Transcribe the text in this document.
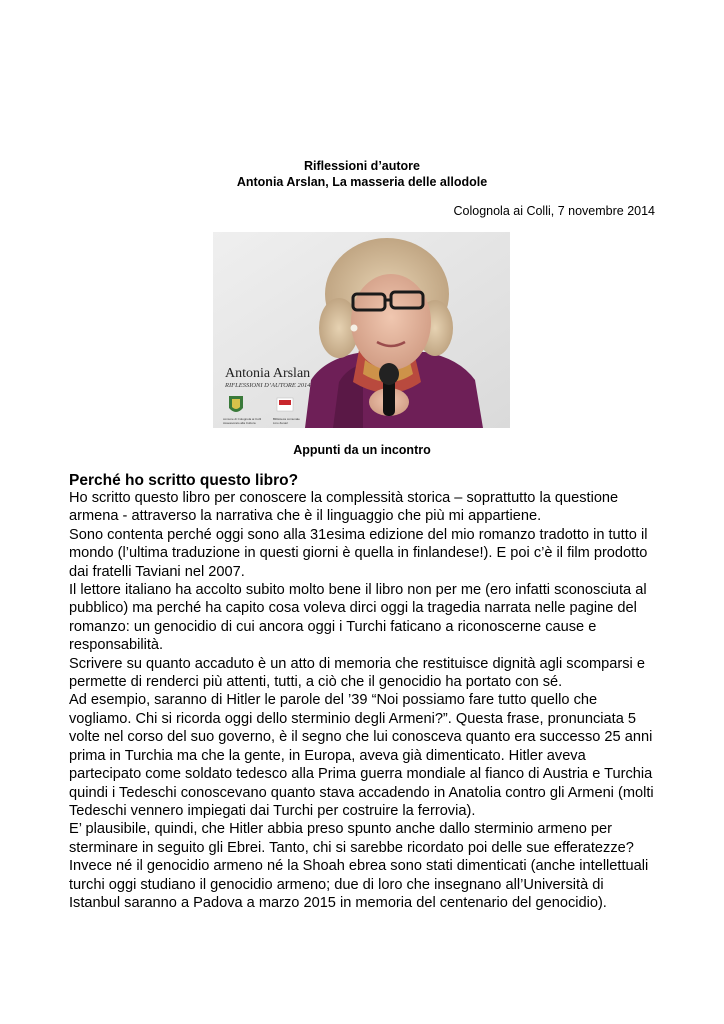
Riflessioni d’autore
Antonia Arslan, La masseria delle allodole
Colognola ai Colli, 7 novembre 2014
Antonia Arslan
RIFLESSIONI D’AUTORE 2014
comune di Colognola ai Colli
Assessorato alla Cultura
Biblioteca comunale
Lino Zenari
Appunti da un incontro
Perché ho scritto questo libro?
Ho scritto questo libro per conoscere la complessità storica – soprattutto la questione
armena - attraverso la narrativa che è il linguaggio che più mi appartiene.
Sono contenta perché oggi sono alla 31esima edizione del mio romanzo tradotto in tutto il
mondo (l’ultima traduzione in questi giorni è quella in finlandese!). E poi c’è il film prodotto
dai fratelli Taviani nel 2007.
Il lettore italiano ha accolto subito molto bene il libro non per me (ero infatti sconosciuta al
pubblico) ma perché ha capito cosa voleva dirci oggi la tragedia narrata nelle pagine del
romanzo: un genocidio di cui ancora oggi i Turchi faticano a riconoscerne cause e
responsabilità.
Scrivere su quanto accaduto è un atto di memoria che restituisce dignità agli scomparsi e
permette di renderci più attenti, tutti, a ciò che il genocidio ha portato con sé.
Ad esempio, saranno di Hitler le parole del ’39 “Noi possiamo fare tutto quello che
vogliamo. Chi si ricorda oggi dello sterminio degli Armeni?”. Questa frase, pronunciata 5
volte nel corso del suo governo, è il segno che lui conosceva quanto era successo 25 anni
prima in Turchia ma che la gente, in Europa, aveva già dimenticato. Hitler aveva
partecipato come soldato tedesco alla Prima guerra mondiale al fianco di Austria e Turchia
quindi i Tedeschi conoscevano quanto stava accadendo in Anatolia contro gli Armeni (molti
Tedeschi vennero impiegati dai Turchi per costruire la ferrovia).
E’ plausibile, quindi, che Hitler abbia preso spunto anche dallo sterminio armeno per
sterminare in seguito gli Ebrei. Tanto, chi si sarebbe ricordato poi delle sue efferatezze?
Invece né il genocidio armeno né la Shoah ebrea sono stati dimenticati (anche intellettuali
turchi oggi studiano il genocidio armeno; due di loro che insegnano all’Università di
Istanbul saranno a Padova a marzo 2015 in memoria del centenario del genocidio).
